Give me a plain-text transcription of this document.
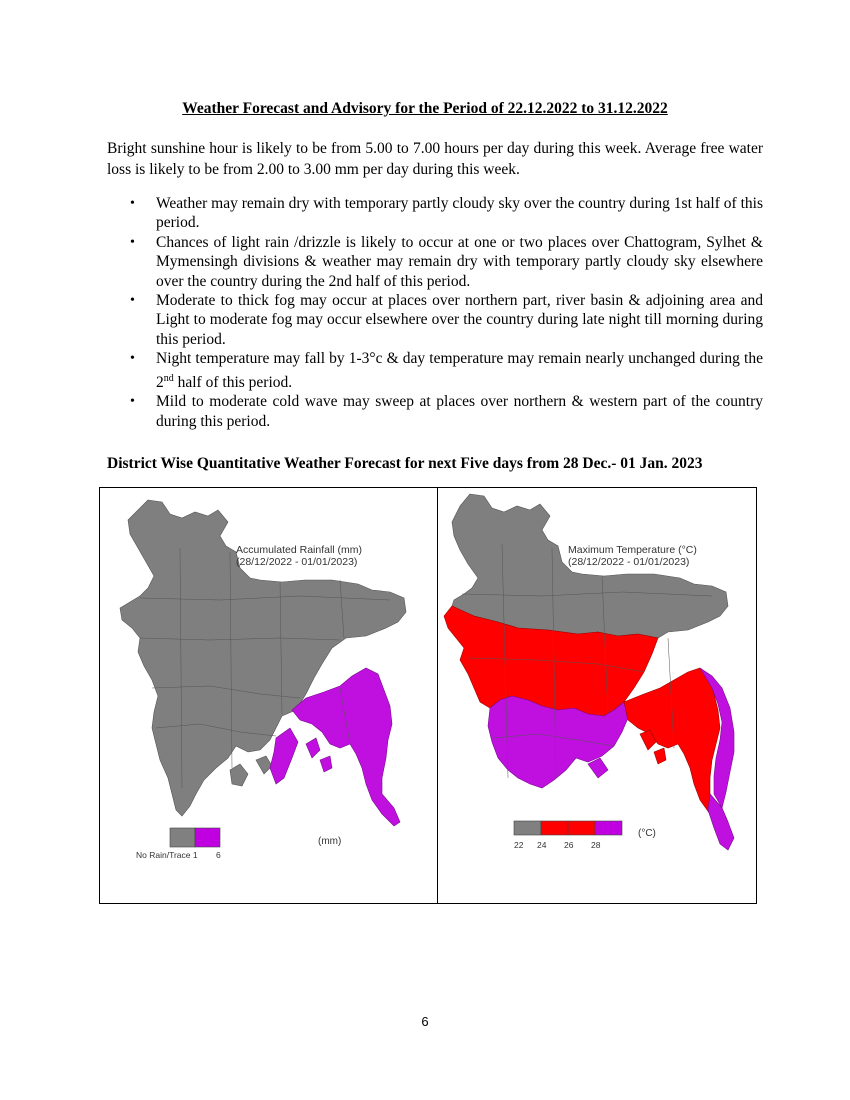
Weather Forecast and Advisory for the Period of 22.12.2022 to 31.12.2022
Bright sunshine hour is likely to be from 5.00 to 7.00 hours per day during this week. Average free water loss is likely to be from 2.00 to 3.00 mm per day during this week.
• Weather may remain dry with temporary partly cloudy sky over the country during 1st half of this period.
• Chances of light rain /drizzle is likely to occur at one or two places over Chattogram, Sylhet & Mymensingh divisions & weather may remain dry with temporary partly cloudy sky elsewhere over the country during the 2nd half of this period.
• Moderate to thick fog may occur at places over northern part, river basin & adjoining area and Light to moderate fog may occur elsewhere over the country during late night till morning during this period.
• Night temperature may fall by 1-3°c & day temperature may remain nearly unchanged during the 2nd half of this period.
• Mild to moderate cold wave may sweep at places over northern & western part of the country during this period.
District Wise Quantitative Weather Forecast for next Five days from 28 Dec.- 01 Jan. 2023
Accumulated Rainfall (mm)
(28/12/2022 - 01/01/2023)
No Rain/Trace 1 6
(mm)
Maximum Temperature (°C)
(28/12/2022 - 01/01/2023)
22 24 26 28
(°C)
6
